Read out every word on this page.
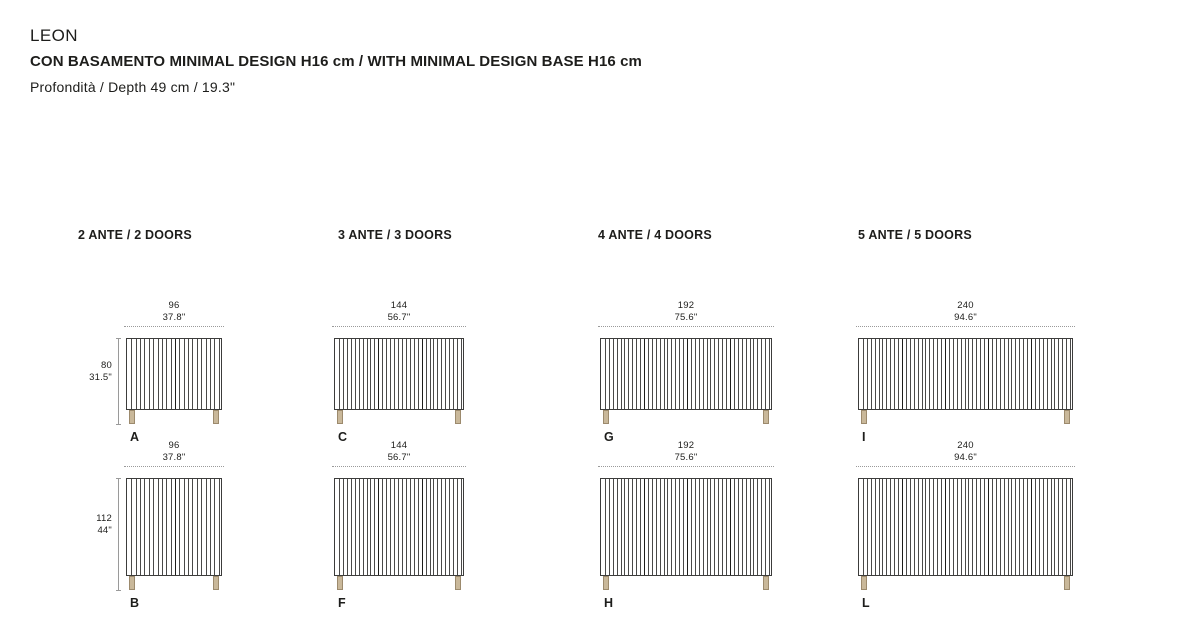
LEON

CON BASAMENTO MINIMAL DESIGN H16 cm / WITH MINIMAL DESIGN BASE H16 cm

Profondità / Depth 49 cm / 19.3"

2 ANTE / 2 DOORS
96
37.8"
A
80
31.5"
96
37.8"
B
112
44"
3 ANTE / 3 DOORS
144
56.7"
C
144
56.7"
F
4 ANTE / 4 DOORS
192
75.6"
G
192
75.6"
H
5 ANTE / 5 DOORS
240
94.6"
I
240
94.6"
L
